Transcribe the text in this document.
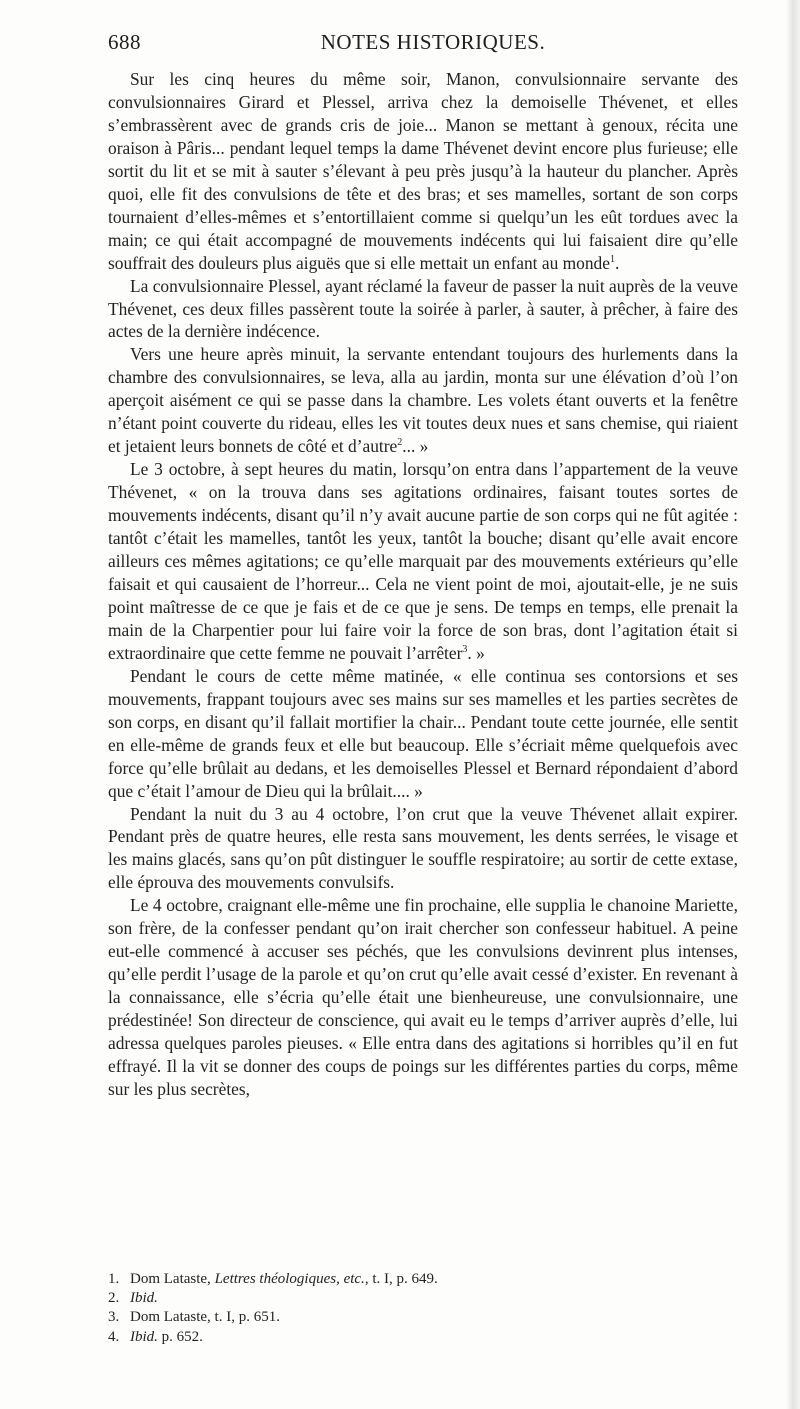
688	NOTES HISTORIQUES.

Sur les cinq heures du même soir, Manon, convulsionnaire servante des convulsionnaires Girard et Plessel, arriva chez la demoiselle Thévenet, et elles s’embrassèrent avec de grands cris de joie... Manon se mettant à genoux, récita une oraison à Pâris... pendant lequel temps la dame Thévenet devint encore plus furieuse; elle sortit du lit et se mit à sauter s’élevant à peu près jusqu’à la hauteur du plancher. Après quoi, elle fit des convulsions de tête et des bras; et ses mamelles, sortant de son corps tournaient d’elles-mêmes et s’entortillaient comme si quelqu’un les eût tordues avec la main; ce qui était accompagné de mouvements indécents qui lui faisaient dire qu’elle souffrait des douleurs plus aiguës que si elle mettait un enfant au monde$^1$.

La convulsionnaire Plessel, ayant réclamé la faveur de passer la nuit auprès de la veuve Thévenet, ces deux filles passèrent toute la soirée à parler, à sauter, à prêcher, à faire des actes de la dernière indécence.

Vers une heure après minuit, la servante entendant toujours des hurlements dans la chambre des convulsionnaires, se leva, alla au jardin, monta sur une élévation d’où l’on aperçoit aisément ce qui se passe dans la chambre. Les volets étant ouverts et la fenêtre n’étant point couverte du rideau, elles les vit toutes deux nues et sans chemise, qui riaient et jetaient leurs bonnets de côté et d’autre$^2$... »

Le 3 octobre, à sept heures du matin, lorsqu’on entra dans l’appartement de la veuve Thévenet, « on la trouva dans ses agitations ordinaires, faisant toutes sortes de mouvements indécents, disant qu’il n’y avait aucune partie de son corps qui ne fût agitée : tantôt c’était les mamelles, tantôt les yeux, tantôt la bouche; disant qu’elle avait encore ailleurs ces mêmes agitations; ce qu’elle marquait par des mouvements extérieurs qu’elle faisait et qui causaient de l’horreur... Cela ne vient point de moi, ajoutait-elle, je ne suis point maîtresse de ce que je fais et de ce que je sens. De temps en temps, elle prenait la main de la Charpentier pour lui faire voir la force de son bras, dont l’agitation était si extraordinaire que cette femme ne pouvait l’arrêter$^3$. »

Pendant le cours de cette même matinée, « elle continua ses contorsions et ses mouvements, frappant toujours avec ses mains sur ses mamelles et les parties secrètes de son corps, en disant qu’il fallait mortifier la chair... Pendant toute cette journée, elle sentit en elle-même de grands feux et elle but beaucoup. Elle s’écriait même quelquefois avec force qu’elle brûlait au dedans, et les demoiselles Plessel et Bernard répondaient d’abord que c’était l’amour de Dieu qui la brûlait.... »

Pendant la nuit du 3 au 4 octobre, l’on crut que la veuve Thévenet allait expirer. Pendant près de quatre heures, elle resta sans mouvement, les dents serrées, le visage et les mains glacés, sans qu’on pût distinguer le souffle respiratoire; au sortir de cette extase, elle éprouva des mouvements convulsifs.

Le 4 octobre, craignant elle-même une fin prochaine, elle supplia le chanoine Mariette, son frère, de la confesser pendant qu’on irait chercher son confesseur habituel. A peine eut-elle commencé à accuser ses péchés, que les convulsions devinrent plus intenses, qu’elle perdit l’usage de la parole et qu’on crut qu’elle avait cessé d’exister. En revenant à la connaissance, elle s’écria qu’elle était une bienheureuse, une convulsionnaire, une prédestinée! Son directeur de conscience, qui avait eu le temps d’arriver auprès d’elle, lui adressa quelques paroles pieuses. « Elle entra dans des agitations si horribles qu’il en fut effrayé. Il la vit se donner des coups de poings sur les différentes parties du corps, même sur les plus secrètes,

1. Dom Lataste, Lettres théologiques, etc., t. I, p. 649.

2. Ibid.

3. Dom Lataste, t. I, p. 651.

4. Ibid. p. 652.
